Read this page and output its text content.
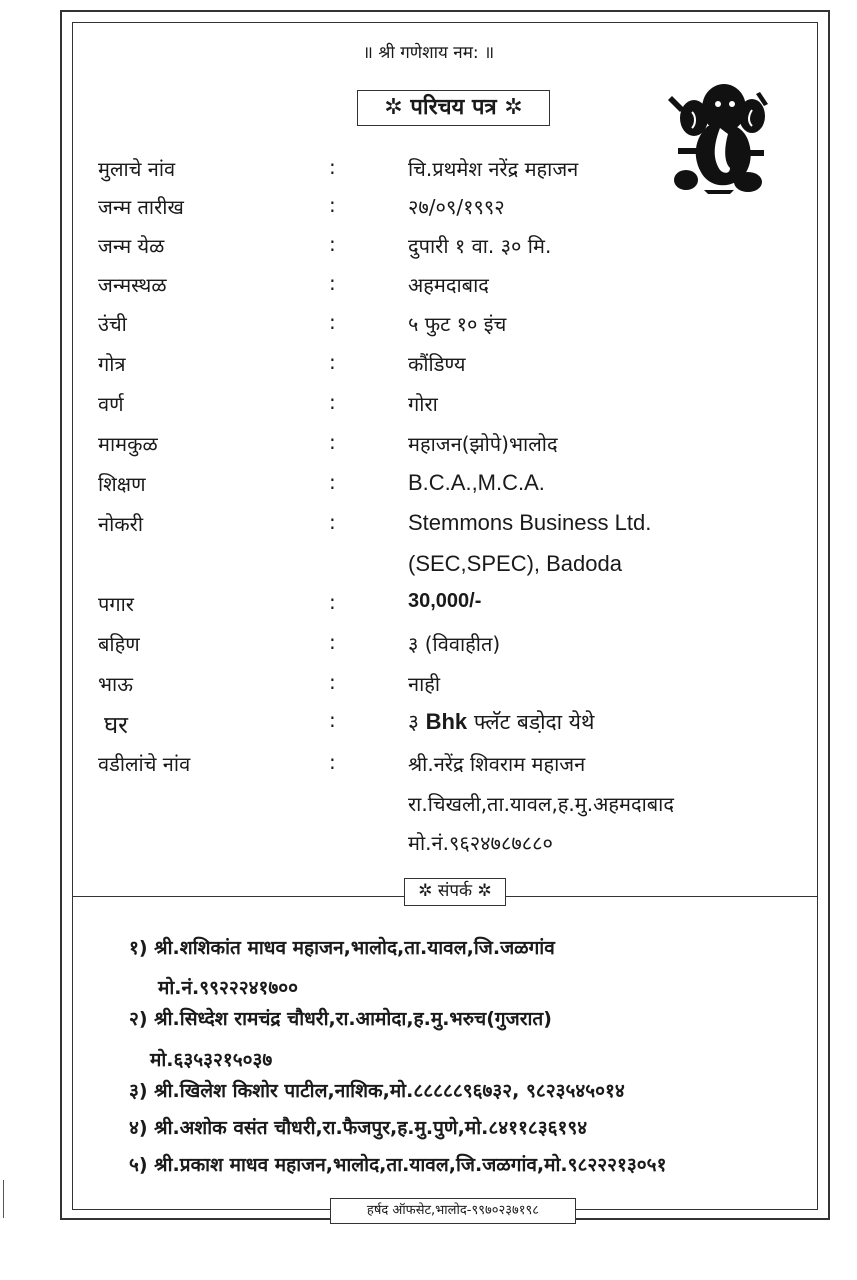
॥ श्री गणेशाय नम: ॥
✲ परिचय पत्र ✲
मुलाचे नांव	:	चि.प्रथमेश नरेंद्र महाजन
जन्म तारीख	:	२७/०९/१९९२
जन्म येळ	:	दुपारी १ वा. ३० मि.
जन्मस्थळ	:	अहमदाबाद
उंची	:	५ फुट १० इंच
गोत्र	:	कौंडिण्य
वर्ण	:	गोरा
मामकुळ	:	महाजन(झोपे)भालोद
शिक्षण	:	B.C.A.,M.C.A.
नोकरी	:	Stemmons Business Ltd.
(SEC,SPEC), Badoda
पगार	:	30,000/-
बहिण	:	३ (विवाहीत)
भाऊ	:	नाही
घर	:	३ Bhk फ्लॅट बडो़दा येथे
वडीलांचे नांव	:	श्री.नरेंद्र शिवराम महाजन
रा.चिखली,ता.यावल,ह.मु.अहमदाबाद
मो.नं.९६२४७८७८८०
✲ संपर्क ✲
१) श्री.शशिकांत माधव महाजन,भालोद,ता.यावल,जि.जळगांव
मो.नं.९९२२२४१७००
२) श्री.सिध्देश रामचंद्र चौधरी,रा.आमोदा,ह.मु.भरुच(गुजरात)
मो.६३५३२१५०३७
३) श्री.खिलेश किशोर पाटील,नाशिक,मो.८८८८८९६७३२, ९८२३५४५०१४
४) श्री.अशोक वसंत चौधरी,रा.फैजपुर,ह.मु.पुणे,मो.८४११८३६१९४
५) श्री.प्रकाश माधव महाजन,भालोद,ता.यावल,जि.जळगांव,मो.९८२२२१३०५१
हर्षद ऑफसेट,भालोद-९९७०२३७१९८
